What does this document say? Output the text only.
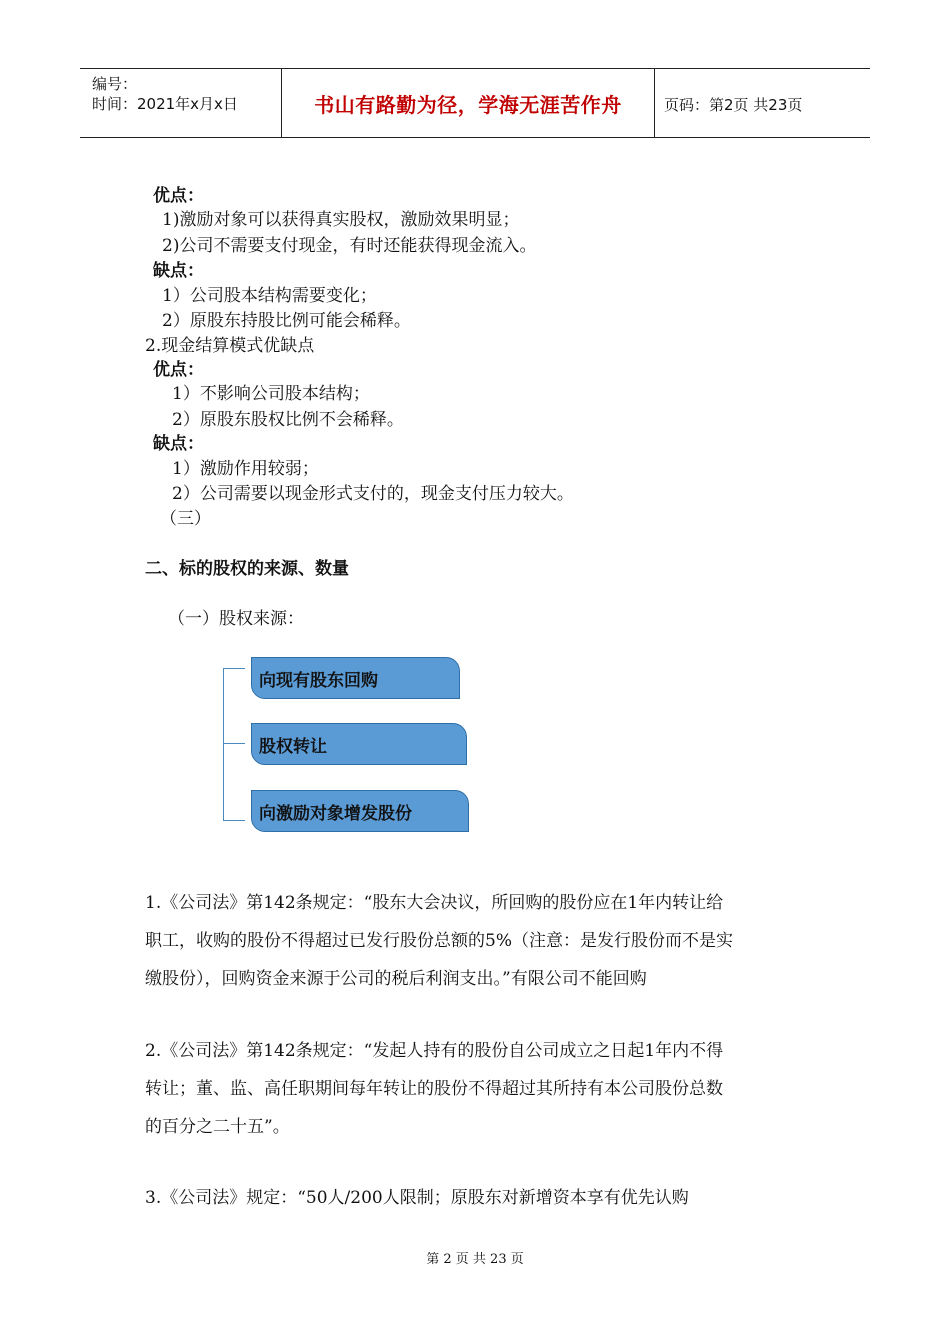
编号：
时间：2021年x月x日	书山有路勤为径，学海无涯苦作舟	页码：第2页 共23页
优点：
1)激励对象可以获得真实股权，激励效果明显；
2)公司不需要支付现金，有时还能获得现金流入。
缺点：
1）公司股本结构需要变化；
2）原股东持股比例可能会稀释。
2.现金结算模式优缺点
优点：
1）不影响公司股本结构；
2）原股东股权比例不会稀释。
缺点：
1）激励作用较弱；
2）公司需要以现金形式支付的，现金支付压力较大。
（三）
二、标的股权的来源、数量
（一）股权来源：
向现有股东回购
股权转让
向激励对象增发股份
1.《公司法》第142条规定：“股东大会决议，所回购的股份应在1年内转让给
职工，收购的股份不得超过已发行股份总额的5%（注意：是发行股份而不是实
缴股份），回购资金来源于公司的税后利润支出。”有限公司不能回购
2.《公司法》第142条规定：“发起人持有的股份自公司成立之日起1年内不得
转让；董、监、高任职期间每年转让的股份不得超过其所持有本公司股份总数
的百分之二十五”。
3.《公司法》规定：“50人/200人限制；原股东对新增资本享有优先认购
第 2 页 共 23 页
